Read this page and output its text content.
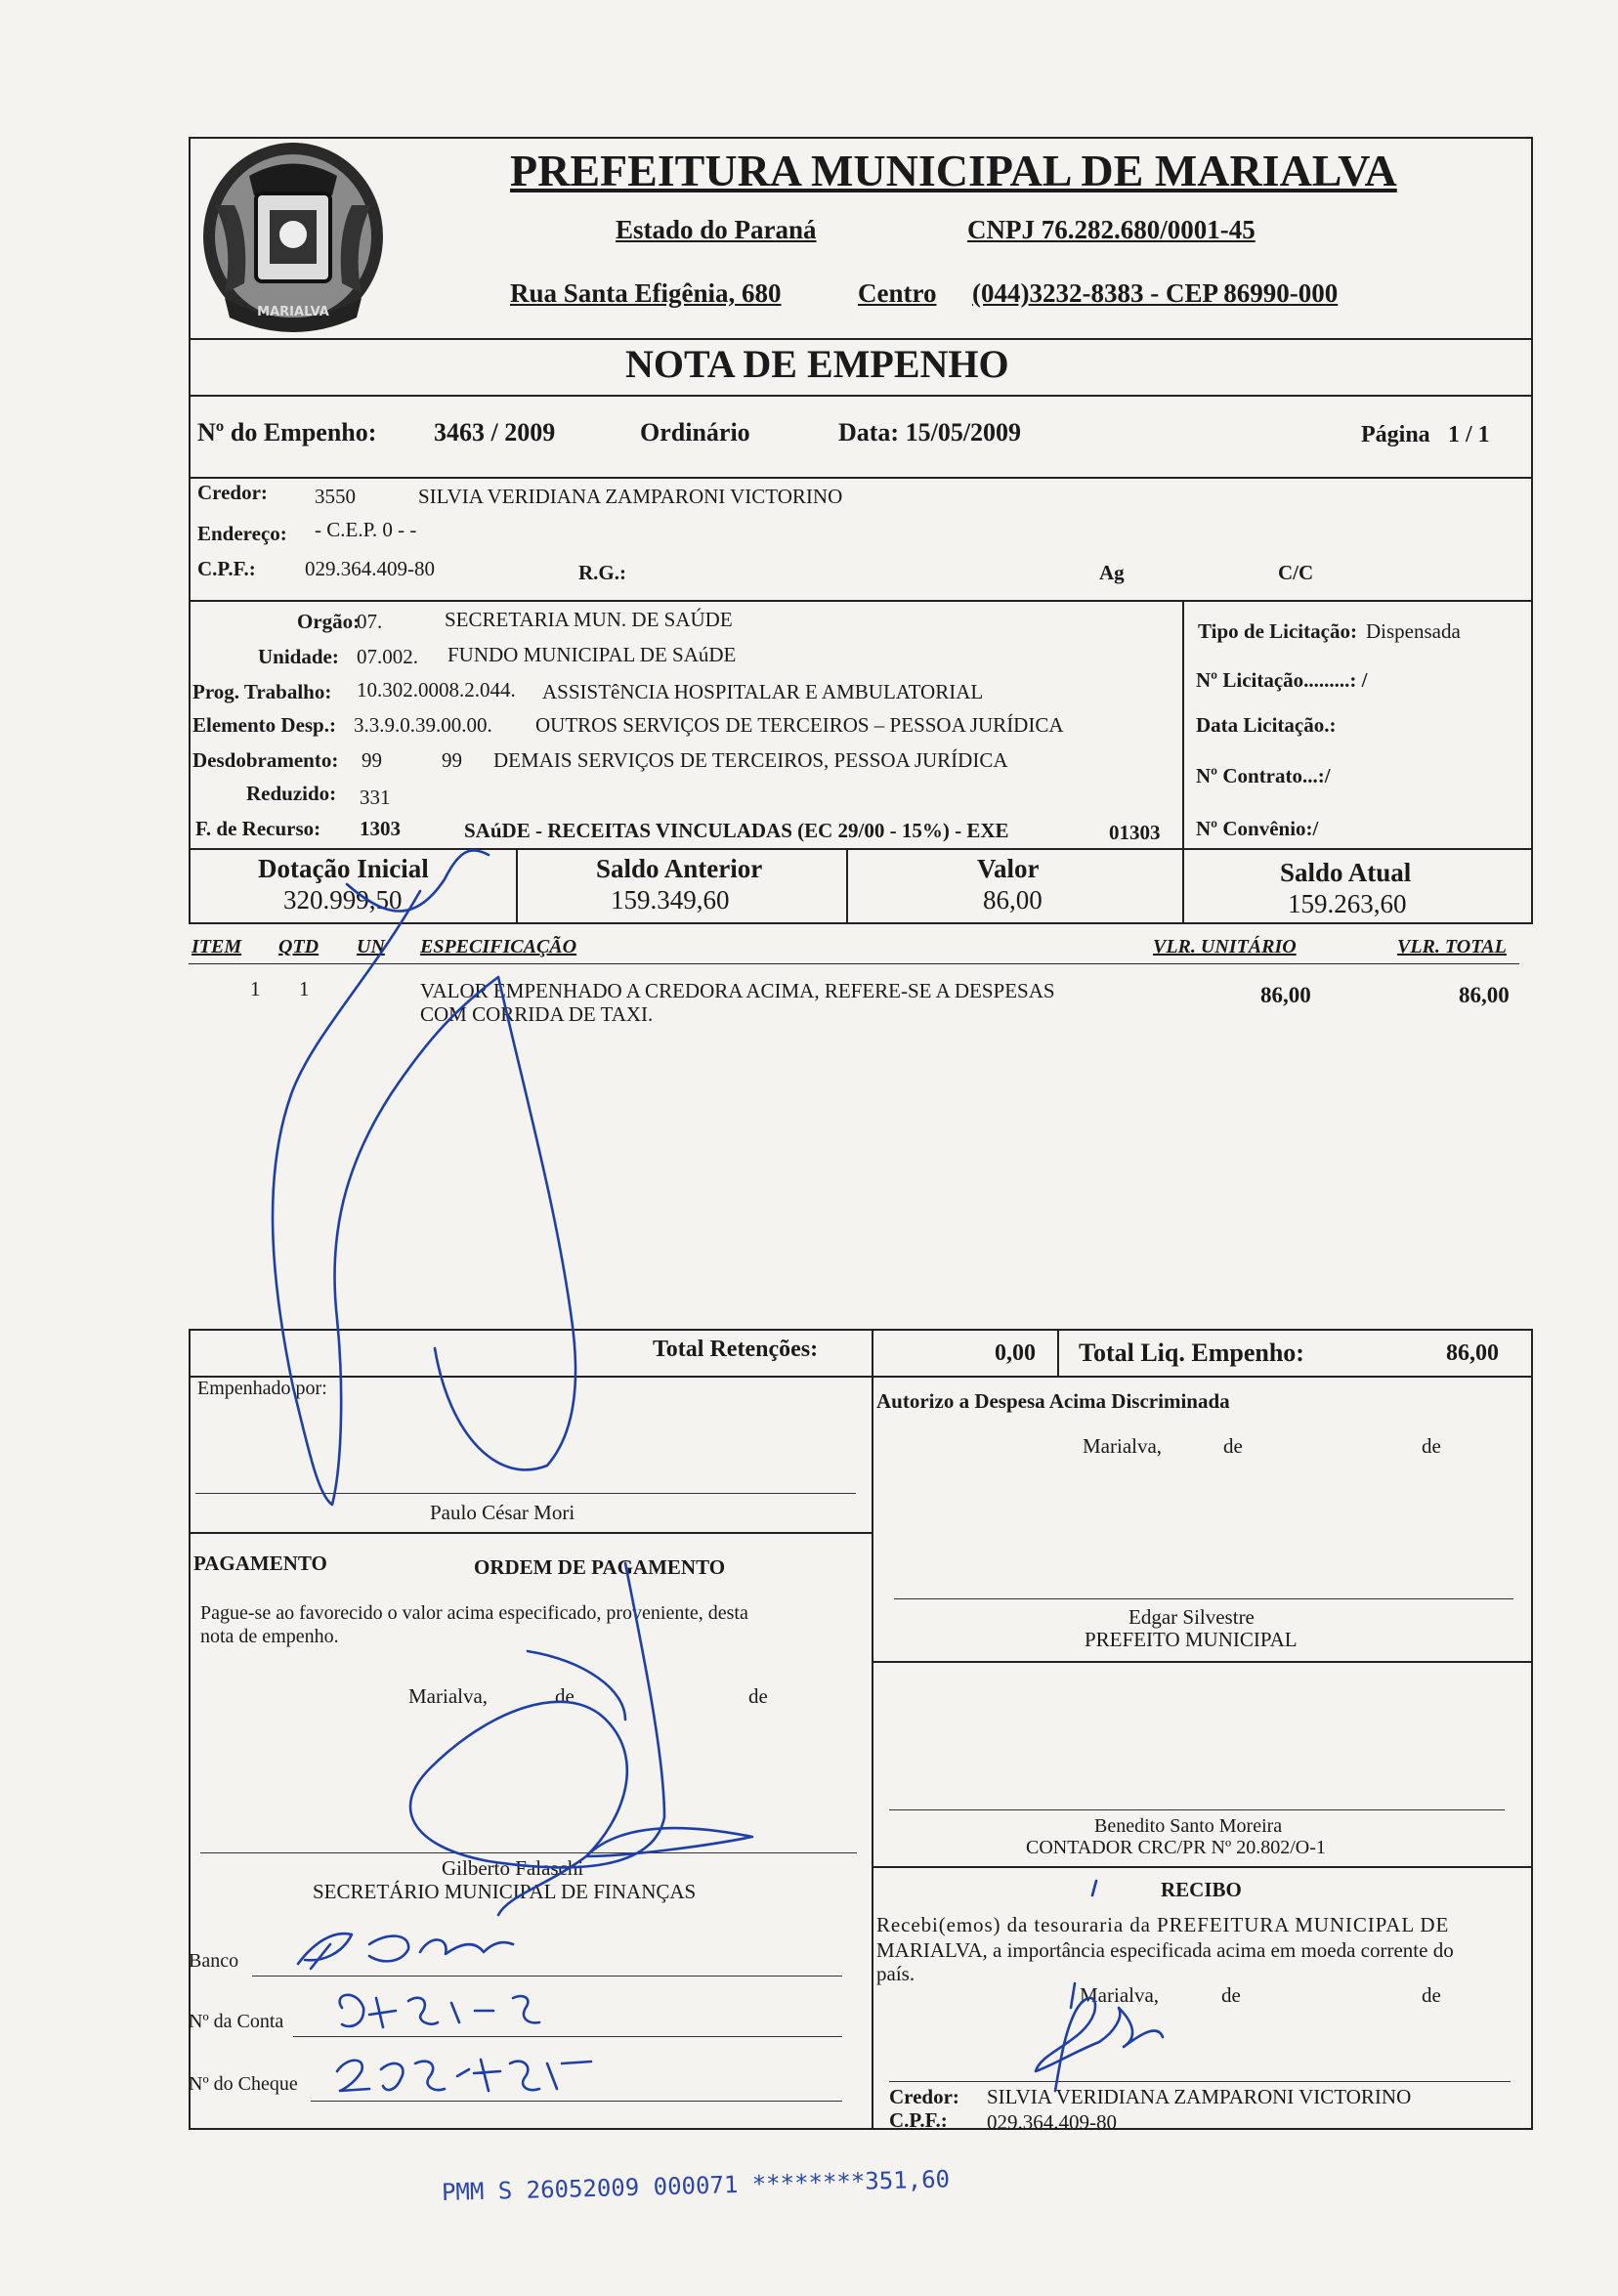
MARIALVA
PREFEITURA MUNICIPAL DE MARIALVA
Estado do Paraná	CNPJ 76.282.680/0001-45
Rua Santa Efigênia, 680	Centro (044)3232-8383 - CEP 86990-000
NOTA DE EMPENHO
Nº do Empenho: 3463 / 2009	Ordinário	Data: 15/05/2009	Página 1 / 1
Credor: 3550	SILVIA VERIDIANA ZAMPARONI VICTORINO
Endereço: - C.E.P. 0 - -
C.P.F.: 029.364.409-80	R.G.:	Ag	C/C
Orgão:
07.	SECRETARIA MUN. DE SAÚDE
Unidade: 07.002. FUNDO MUNICIPAL DE SAúDE
Prog. Trabalho: 10.302.0008.2.044. ASSISTêNCIA HOSPITALAR E AMBULATORIAL
Elemento Desp.: 3.3.9.0.39.00.00. OUTROS SERVIÇOS DE TERCEIROS – PESSOA JURÍDICA
Desdobramento: 99	99 DEMAIS SERVIÇOS DE TERCEIROS, PESSOA JURÍDICA
Reduzido: 331
F. de Recurso: 1303	SAúDE - RECEITAS VINCULADAS (EC 29/00 - 15%) - EXE	01303
Tipo de Licitação: Dispensada
Nº Licitação.........: /
Data Licitação.:
Nº Contrato...:/
Nº Convênio:/
Dotação Inicial
320.999,50
Saldo Anterior
159.349,60
Valor
86,00
Saldo Atual
159.263,60
ITEM QTD UN ESPECIFICAÇÃO	VLR. UNITÁRIO	VLR. TOTAL
1 1	VALOR EMPENHADO A CREDORA ACIMA, REFERE-SE A DESPESAS
COM CORRIDA DE TAXI.
86,00	86,00
Total Retenções:	0,00 Total Liq. Empenho:	86,00
Empenhado por:
Paulo César Mori
Autorizo a Despesa Acima Discriminada
Marialva,	de	de
Edgar Silvestre
PREFEITO MUNICIPAL
PAGAMENTO	ORDEM DE PAGAMENTO
Pague-se ao favorecido o valor acima especificado, proveniente, desta
nota de empenho.
Marialva,	de	de
Gilberto Falaschi
SECRETÁRIO MUNICIPAL DE FINANÇAS
Banco
Nº da Conta
Nº do Cheque
Benedito Santo Moreira
CONTADOR CRC/PR Nº 20.802/O-1
RECIBO
Recebi(emos) da tesouraria da PREFEITURA MUNICIPAL DE
MARIALVA, a importância especificada acima em moeda corrente do
país.
Marialva,	de	de
Credor: SILVIA VERIDIANA ZAMPARONI VICTORINO
C.P.F.: 029.364.409-80
PMM S 26052009 000071 ********351,60
